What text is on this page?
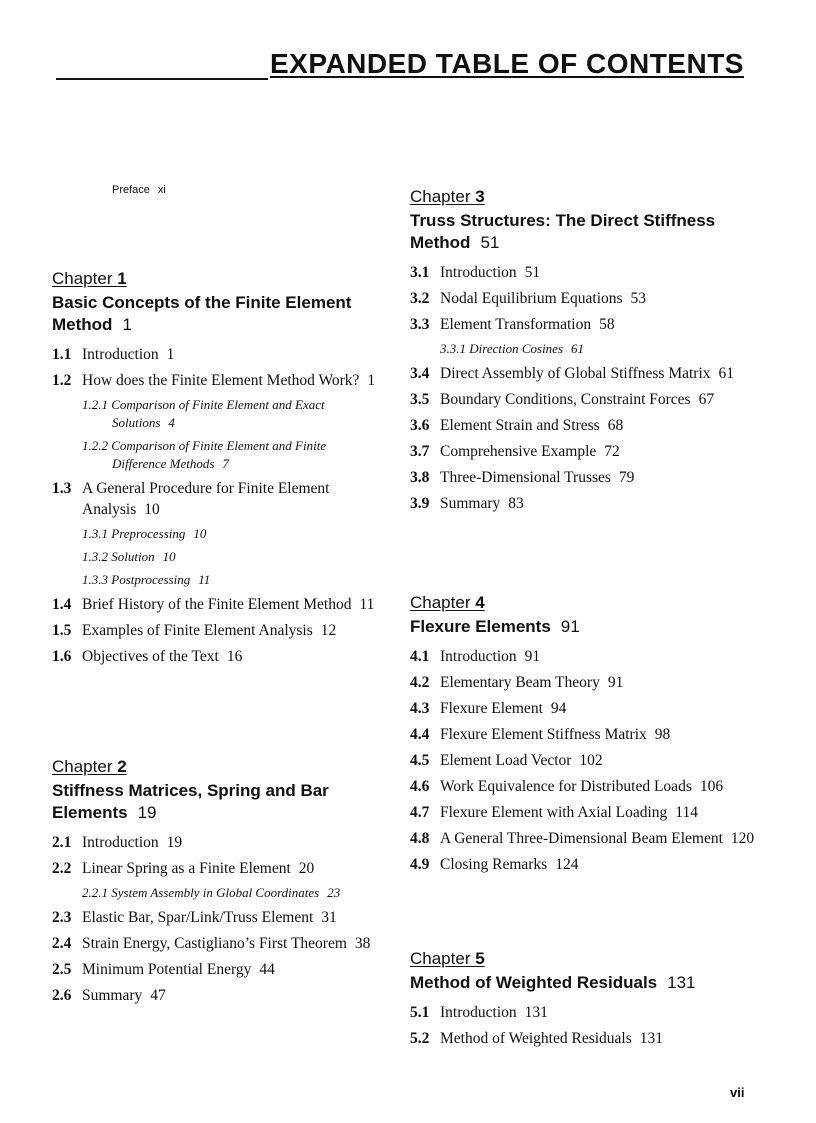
EXPANDED TABLE OF CONTENTS
Preface xi
Chapter 1
Basic Concepts of the Finite Element Method 1
1.1 Introduction 1
1.2 How does the Finite Element Method Work? 1
1.2.1 Comparison of Finite Element and Exact Solutions 4
1.2.2 Comparison of Finite Element and Finite Difference Methods 7
1.3 A General Procedure for Finite Element Analysis 10
1.3.1 Preprocessing 10
1.3.2 Solution 10
1.3.3 Postprocessing 11
1.4 Brief History of the Finite Element Method 11
1.5 Examples of Finite Element Analysis 12
1.6 Objectives of the Text 16
Chapter 2
Stiffness Matrices, Spring and Bar Elements 19
2.1 Introduction 19
2.2 Linear Spring as a Finite Element 20
2.2.1 System Assembly in Global Coordinates 23
2.3 Elastic Bar, Spar/Link/Truss Element 31
2.4 Strain Energy, Castigliano’s First Theorem 38
2.5 Minimum Potential Energy 44
2.6 Summary 47
Chapter 3
Truss Structures: The Direct Stiffness Method 51
3.1 Introduction 51
3.2 Nodal Equilibrium Equations 53
3.3 Element Transformation 58
3.3.1 Direction Cosines 61
3.4 Direct Assembly of Global Stiffness Matrix 61
3.5 Boundary Conditions, Constraint Forces 67
3.6 Element Strain and Stress 68
3.7 Comprehensive Example 72
3.8 Three-Dimensional Trusses 79
3.9 Summary 83
Chapter 4
Flexure Elements 91
4.1 Introduction 91
4.2 Elementary Beam Theory 91
4.3 Flexure Element 94
4.4 Flexure Element Stiffness Matrix 98
4.5 Element Load Vector 102
4.6 Work Equivalence for Distributed Loads 106
4.7 Flexure Element with Axial Loading 114
4.8 A General Three-Dimensional Beam Element 120
4.9 Closing Remarks 124
Chapter 5
Method of Weighted Residuals 131
5.1 Introduction 131
5.2 Method of Weighted Residuals 131
vii
